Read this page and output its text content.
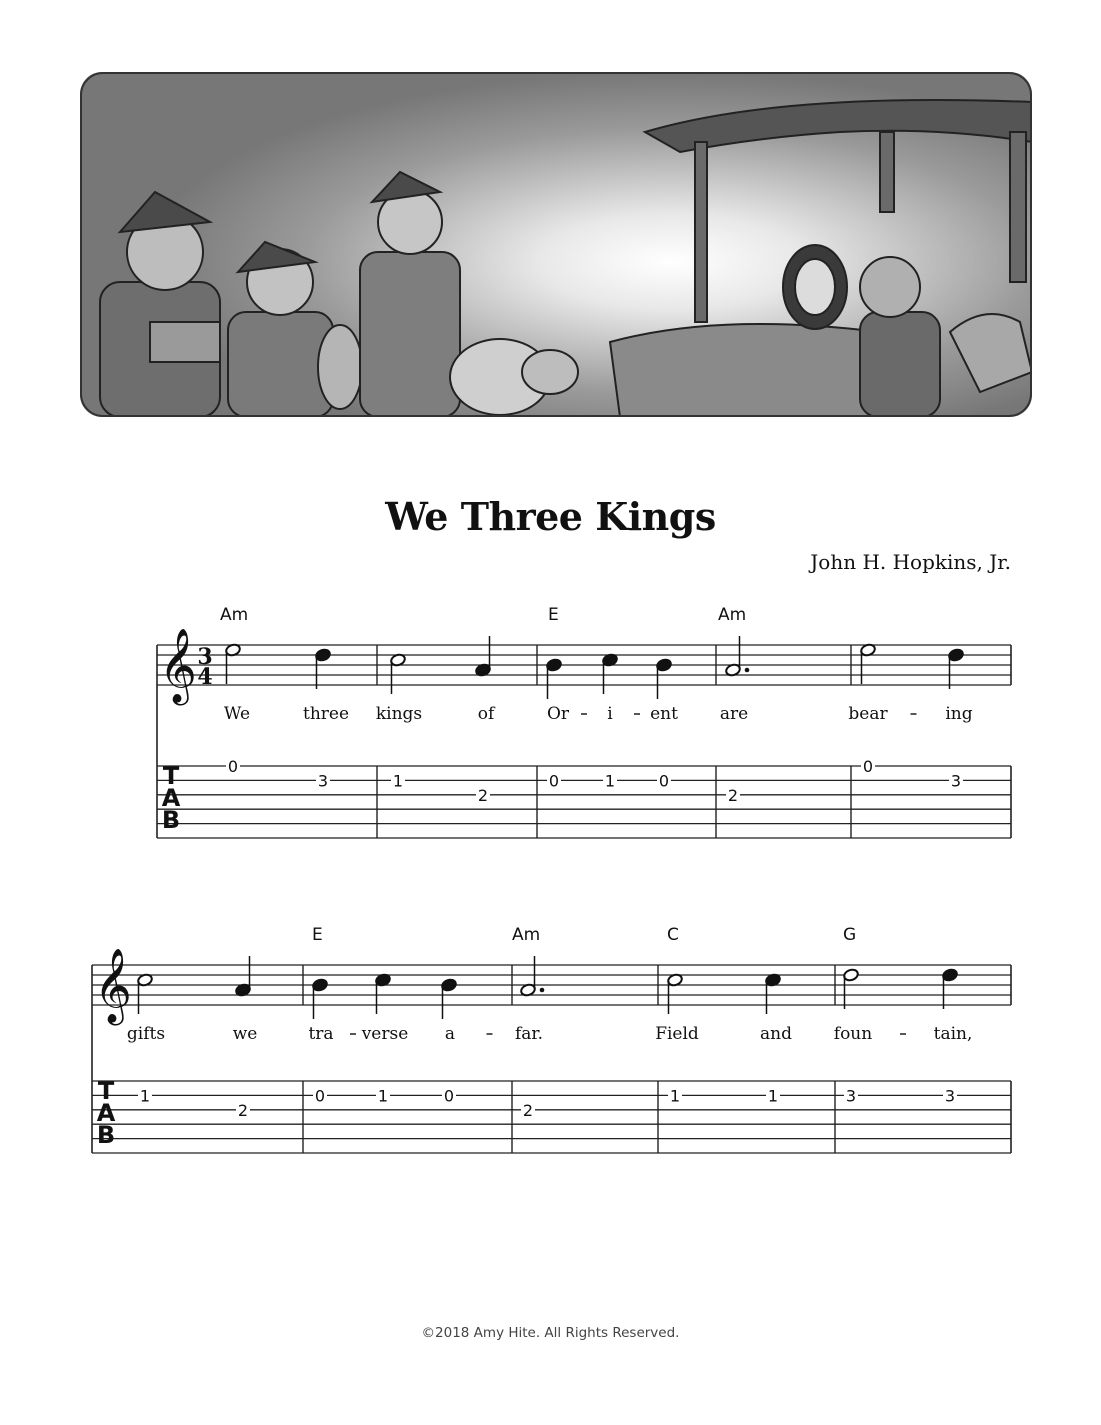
We Three Kings
John H. Hopkins, Jr.
𝄞 3
4
T
A
B
Am
We
0
three
3
kings
1
of
2
E
Or
0
i
1
ent
0
Am
are
2
bear
0
ing
3
𝄞
T
A
B
gifts
1
we
2
E
tra
0
verse
1
a
0
Am
far.
2
C
Field
1
and
1
G
foun
3
tain,
3
©2018 Amy Hite. All Rights Reserved.
